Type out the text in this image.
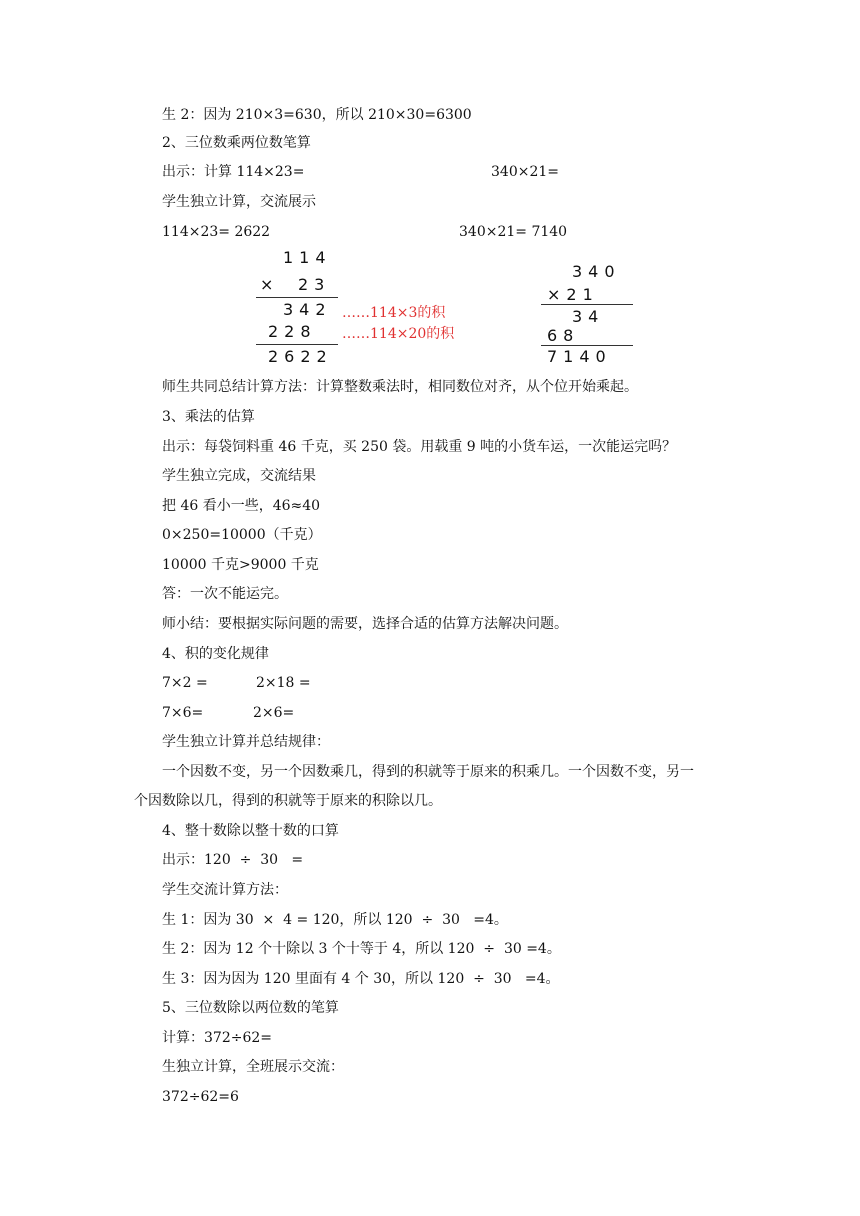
生 2：因为 210×3=630，所以 210×30=6300
2、三位数乘两位数笔算
出示：计算 114×23=	340×21=
学生独立计算，交流展示
114×23= 2622	340×21= 7140
114
× 23
342
228
2622
……114×3的积
……114×20的积
340
×21
34
68
7140
师生共同总结计算方法：计算整数乘法时，相同数位对齐，从个位开始乘起。
3、乘法的估算
出示：每袋饲料重 46 千克，买 250 袋。用载重 9 吨的小货车运，一次能运完吗？
学生独立完成，交流结果
把 46 看小一些，46≈40
0×250=10000（千克）
10000 千克>9000 千克
答：一次不能运完。
师小结：要根据实际问题的需要，选择合适的估算方法解决问题。
4、积的变化规律
7×2 =	2×18 =
7×6=	2×6=
学生独立计算并总结规律：
一个因数不变，另一个因数乘几，得到的积就等于原来的积乘几。一个因数不变，另一
个因数除以几，得到的积就等于原来的积除以几。
4、整十数除以整十数的口算
出示：120  ÷  30   =
学生交流计算方法：
生 1：因为 30  ×  4 = 120，所以 120  ÷  30   =4。
生 2：因为 12 个十除以 3 个十等于 4，所以 120  ÷  30 =4。
生 3：因为因为 120 里面有 4 个 30，所以 120  ÷  30   =4。
5、三位数除以两位数的笔算
计算：372÷62=
生独立计算，全班展示交流：
372÷62=6
